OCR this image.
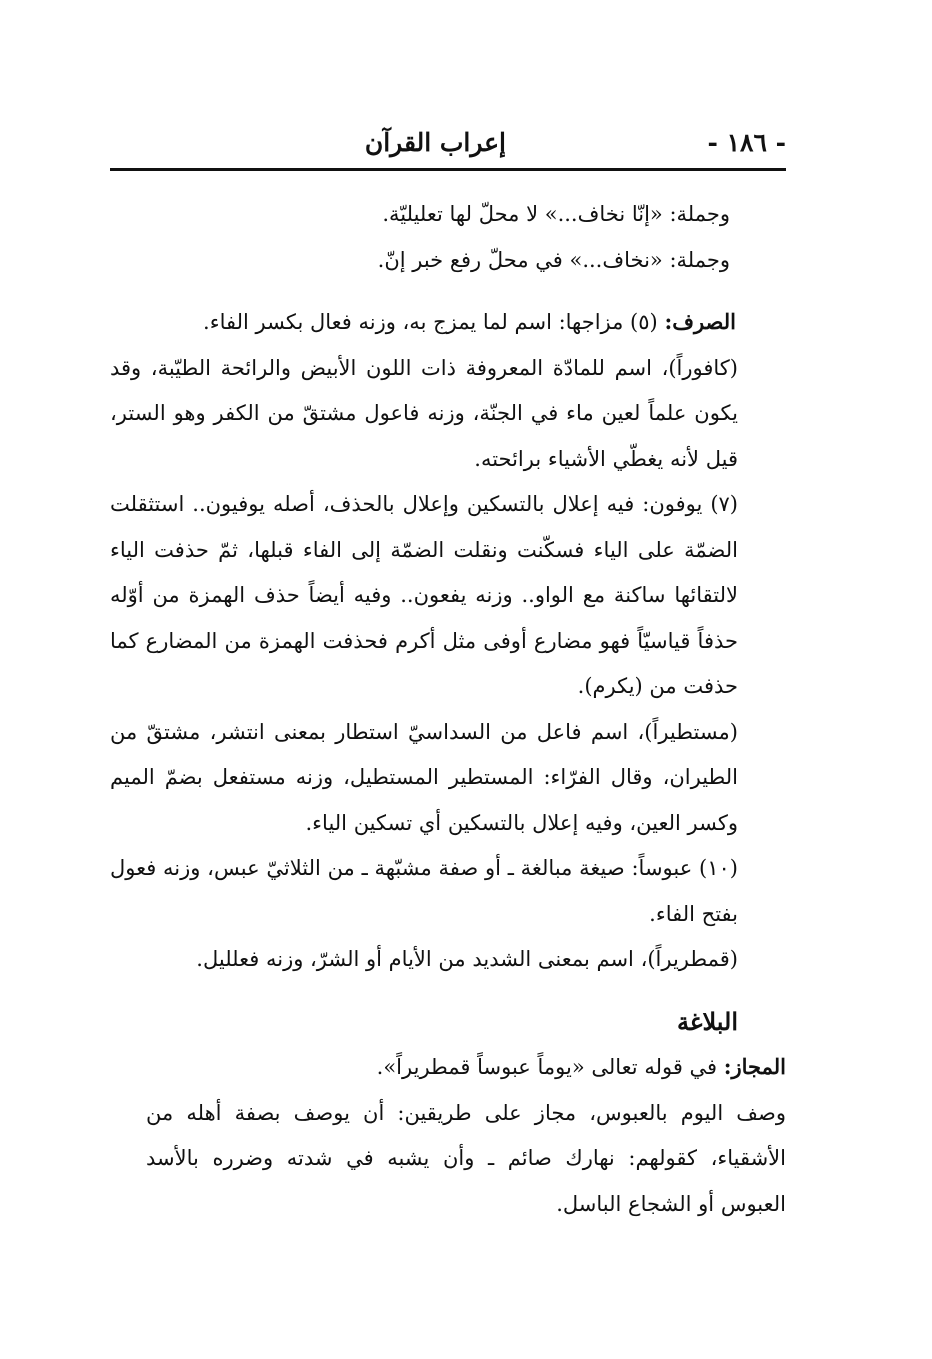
- ١٨٦ -
إعراب القرآن

وجملة: «إنّا نخاف...» لا محلّ لها تعليليّة.

وجملة: «نخاف...» في محلّ رفع خبر إنّ.

الصرف: (٥) مزاجها: اسم لما يمزج به، وزنه فعال بكسر الفاء.

(كافوراً)، اسم للمادّة المعروفة ذات اللون الأبيض والرائحة الطيّبة، وقد يكون علماً لعين ماء في الجنّة، وزنه فاعول مشتقّ من الكفر وهو الستر، قيل لأنه يغطّي الأشياء برائحته.

(٧) يوفون: فيه إعلال بالتسكين وإعلال بالحذف، أصله يوفيون.. استثقلت الضمّة على الياء فسكّنت ونقلت الضمّة إلى الفاء قبلها، ثمّ حذفت الياء لالتقائها ساكنة مع الواو.. وزنه يفعون.. وفيه أيضاً حذف الهمزة من أوّله حذفاً قياسيّاً فهو مضارع أوفى مثل أكرم فحذفت الهمزة من المضارع كما حذفت من (يكرم).

(مستطيراً)، اسم فاعل من السداسيّ استطار بمعنى انتشر، مشتقّ من الطيران، وقال الفرّاء: المستطير المستطيل، وزنه مستفعل بضمّ الميم وكسر العين، وفيه إعلال بالتسكين أي تسكين الياء.

(١٠) عبوساً: صيغة مبالغة ـ أو صفة مشبّهة ـ من الثلاثيّ عبس، وزنه فعول بفتح الفاء.

(قمطريراً)، اسم بمعنى الشديد من الأيام أو الشرّ، وزنه فعلليل.

البلاغة

المجاز: في قوله تعالى «يوماً عبوساً قمطريراً».

وصف اليوم بالعبوس، مجاز على طريقين: أن يوصف بصفة أهله من الأشقياء، كقولهم: نهارك صائم ـ وأن يشبه في شدته وضرره بالأسد العبوس أو الشجاع الباسل.
